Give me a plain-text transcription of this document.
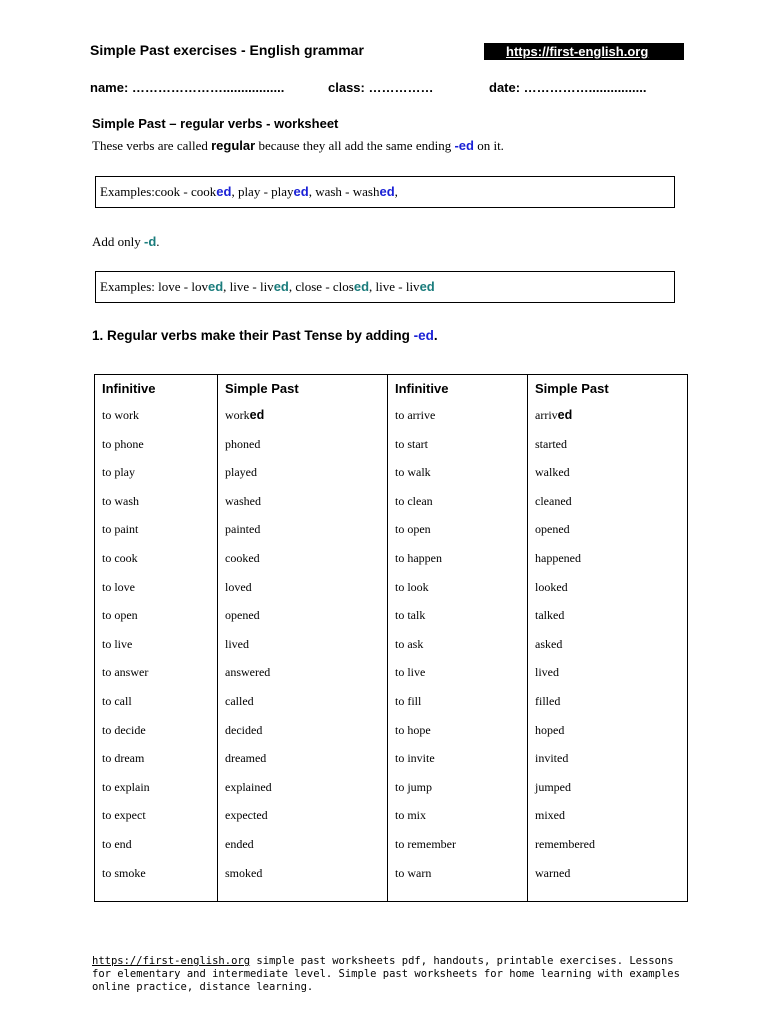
Simple Past exercises - English grammar	https://first-english.org
name: ………………….................	class: ……………	date: ……………................
Simple Past – regular verbs - worksheet
These verbs are called regular because they all add the same ending -ed on it.
Examples: cook - cooked, play - played, wash - washed,
Add only -d.
Examples: love - loved, live - lived, close - closed, live - lived
1. Regular verbs make their Past Tense by adding -ed.
Infinitive	Simple Past	Infinitive	Simple Past
to work	worked	to arrive	arrived
to phone	phoned	to start	started
to play	played	to walk	walked
to wash	washed	to clean	cleaned
to paint	painted	to open	opened
to cook	cooked	to happen	happened
to love	loved	to look	looked
to open	opened	to talk	talked
to live	lived	to ask	asked
to answer	answered	to live	lived
to call	called	to fill	filled
to decide	decided	to hope	hoped
to dream	dreamed	to invite	invited
to explain	explained	to jump	jumped
to expect	expected	to mix	mixed
to end	ended	to remember	remembered
to smoke	smoked	to warn	warned
https://first-english.org simple past worksheets pdf, handouts, printable exercises. Lessons for elementary and intermediate level. Simple past worksheets for home learning with examples online practice, distance learning.
